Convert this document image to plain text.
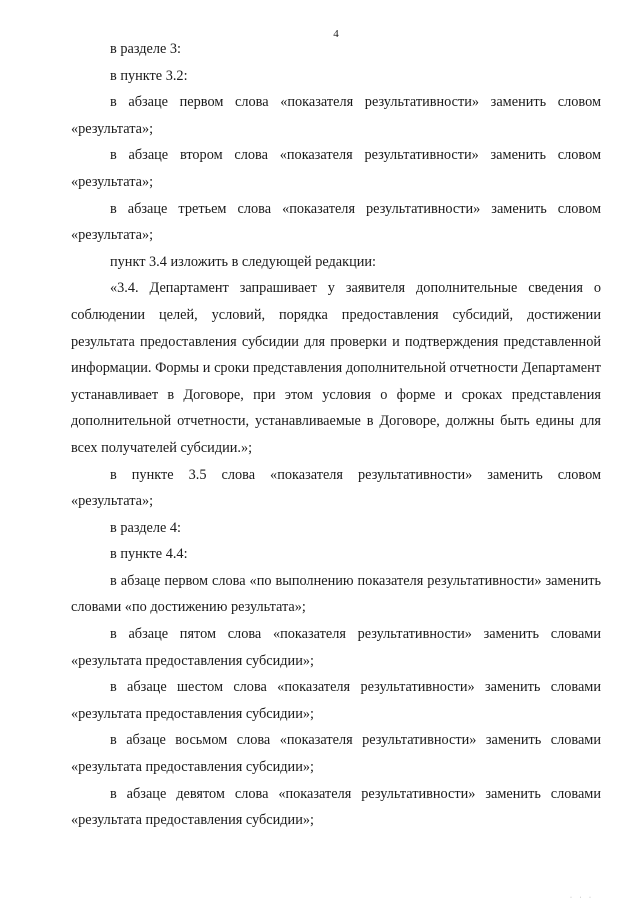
4

в разделе 3:

в пункте 3.2:

в абзаце первом слова «показателя результативности» заменить словом «результата»;

в абзаце втором слова «показателя результативности» заменить словом «результата»;

в абзаце третьем слова «показателя результативности» заменить словом «результата»;

пункт 3.4 изложить в следующей редакции:

«3.4. Департамент запрашивает у заявителя дополнительные сведения о соблюдении целей, условий, порядка предоставления субсидий, достижении результата предоставления субсидии для проверки и подтверждения представленной информации. Формы и сроки представления дополнительной отчетности Департамент устанавливает в Договоре, при этом условия о форме и сроках представления дополнительной отчетности, устанавливаемые в Договоре, должны быть едины для всех получателей субсидии.»;

в пункте 3.5 слова «показателя результативности» заменить словом «результата»;

в разделе 4:

в пункте 4.4:

в абзаце первом слова «по выполнению показателя результативности» заменить словами «по достижению результата»;

в абзаце пятом слова «показателя результативности» заменить словами «результата предоставления субсидии»;

в абзаце шестом слова «показателя результативности» заменить словами «результата предоставления субсидии»;

в абзаце восьмом слова «показателя результативности» заменить словами «результата предоставления субсидии»;

в абзаце девятом слова «показателя результативности» заменить словами «результата предоставления субсидии»;

· · ·
